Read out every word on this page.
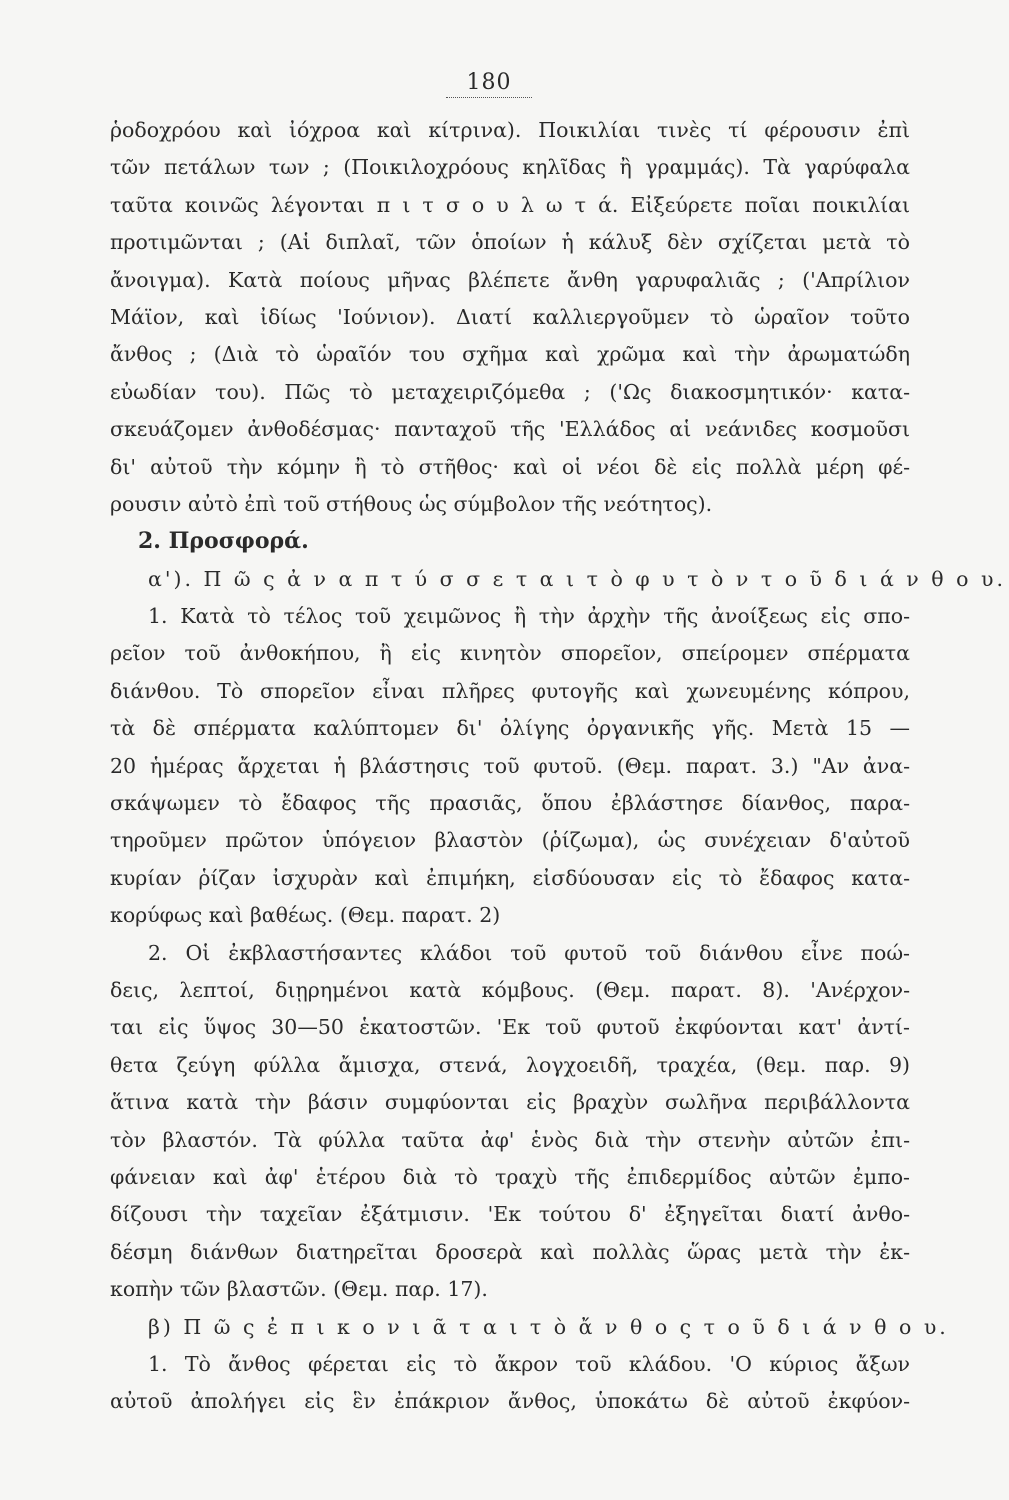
180
ῥοδοχρόου καὶ ἰόχροα καὶ κίτρινα). Ποικιλίαι τινὲς τί φέρουσιν ἐπὶ
τῶν πετάλων των ; (Ποικιλοχρόους κηλῖδας ἢ γραμμάς). Τὰ γαρύφαλα
ταῦτα κοινῶς λέγονται π ι τ σ ο υ λ ω τ ά. Εἰξεύρετε ποῖαι ποικιλίαι
προτιμῶνται ; (Αἱ διπλαῖ, τῶν ὁποίων ἡ κάλυξ δὲν σχίζεται μετὰ τὸ
ἄνοιγμα). Κατὰ ποίους μῆνας βλέπετε ἄνθη γαρυφαλιᾶς ; ('Απρίλιον
Μάϊον, καὶ ἰδίως 'Ιούνιον). Διατί καλλιεργοῦμεν τὸ ὡραῖον τοῦτο
ἄνθος ; (Διὰ τὸ ὡραῖόν του σχῆμα καὶ χρῶμα καὶ τὴν ἀρωματώδη
εὐωδίαν του). Πῶς τὸ μεταχειριζόμεθα ; ('Ως διακοσμητικόν· κατα-
σκευάζομεν ἀνθοδέσμας· πανταχοῦ τῆς 'Ελλάδος αἱ νεάνιδες κοσμοῦσι
δι' αὐτοῦ τὴν κόμην ἢ τὸ στῆθος· καὶ οἱ νέοι δὲ εἰς πολλὰ μέρη φέ-
ρουσιν αὐτὸ ἐπὶ τοῦ στήθους ὡς σύμβολον τῆς νεότητος).
2. Προσφορά.
α'). Π ῶ ς ἀ ν α π τ ύ σ σ ε τ α ι τ ὸ φ υ τ ὸ ν τ ο ῦ δ ι ά ν θ ο υ.
1. Κατὰ τὸ τέλος τοῦ χειμῶνος ἢ τὴν ἀρχὴν τῆς ἀνοίξεως εἰς σπο-
ρεῖον τοῦ ἀνθοκήπου, ἢ εἰς κινητὸν σπορεῖον, σπείρομεν σπέρματα
διάνθου. Τὸ σπορεῖον εἶναι πλῆρες φυτογῆς καὶ χωνευμένης κόπρου,
τὰ δὲ σπέρματα καλύπτομεν δι' ὀλίγης ὀργανικῆς γῆς. Μετὰ 15 —
20 ἡμέρας ἄρχεται ἡ βλάστησις τοῦ φυτοῦ. (Θεμ. παρατ. 3.) "Αν ἀνα-
σκάψωμεν τὸ ἔδαφος τῆς πρασιᾶς, ὅπου ἐβλάστησε δίανθος, παρα-
τηροῦμεν πρῶτον ὑπόγειον βλαστὸν (ῥίζωμα), ὡς συνέχειαν δ'αὐτοῦ
κυρίαν ῥίζαν ἰσχυρὰν καὶ ἐπιμήκη, εἰσδύουσαν εἰς τὸ ἔδαφος κατα-
κορύφως καὶ βαθέως. (Θεμ. παρατ. 2)
2. Οἱ ἐκβλαστήσαντες κλάδοι τοῦ φυτοῦ τοῦ διάνθου εἶνε ποώ-
δεις, λεπτοί, διῃρημένοι κατὰ κόμβους. (Θεμ. παρατ. 8). 'Ανέρχον-
ται εἰς ὕψος 30—50 ἑκατοστῶν. 'Εκ τοῦ φυτοῦ ἐκφύονται κατ' ἀντί-
θετα ζεύγη φύλλα ἄμισχα, στενά, λογχοειδῆ, τραχέα, (θεμ. παρ. 9)
ἅτινα κατὰ τὴν βάσιν συμφύονται εἰς βραχὺν σωλῆνα περιβάλλοντα
τὸν βλαστόν. Τὰ φύλλα ταῦτα ἀφ' ἑνὸς διὰ τὴν στενὴν αὐτῶν ἐπι-
φάνειαν καὶ ἀφ' ἑτέρου διὰ τὸ τραχὺ τῆς ἐπιδερμίδος αὐτῶν ἐμπο-
δίζουσι τὴν ταχεῖαν ἐξάτμισιν. 'Εκ τούτου δ' ἐξηγεῖται διατί ἀνθο-
δέσμη διάνθων διατηρεῖται δροσερὰ καὶ πολλὰς ὥρας μετὰ τὴν ἐκ-
κοπὴν τῶν βλαστῶν. (Θεμ. παρ. 17).
β) Π ῶ ς ἐ π ι κ ο ν ι ᾶ τ α ι τ ὸ ἄ ν θ ο ς τ ο ῦ δ ι ά ν θ ο υ.
1. Τὸ ἄνθος φέρεται εἰς τὸ ἄκρον τοῦ κλάδου. 'Ο κύριος ἄξων
αὐτοῦ ἀπολήγει εἰς ἓν ἐπάκριον ἄνθος, ὑποκάτω δὲ αὐτοῦ ἐκφύον-
